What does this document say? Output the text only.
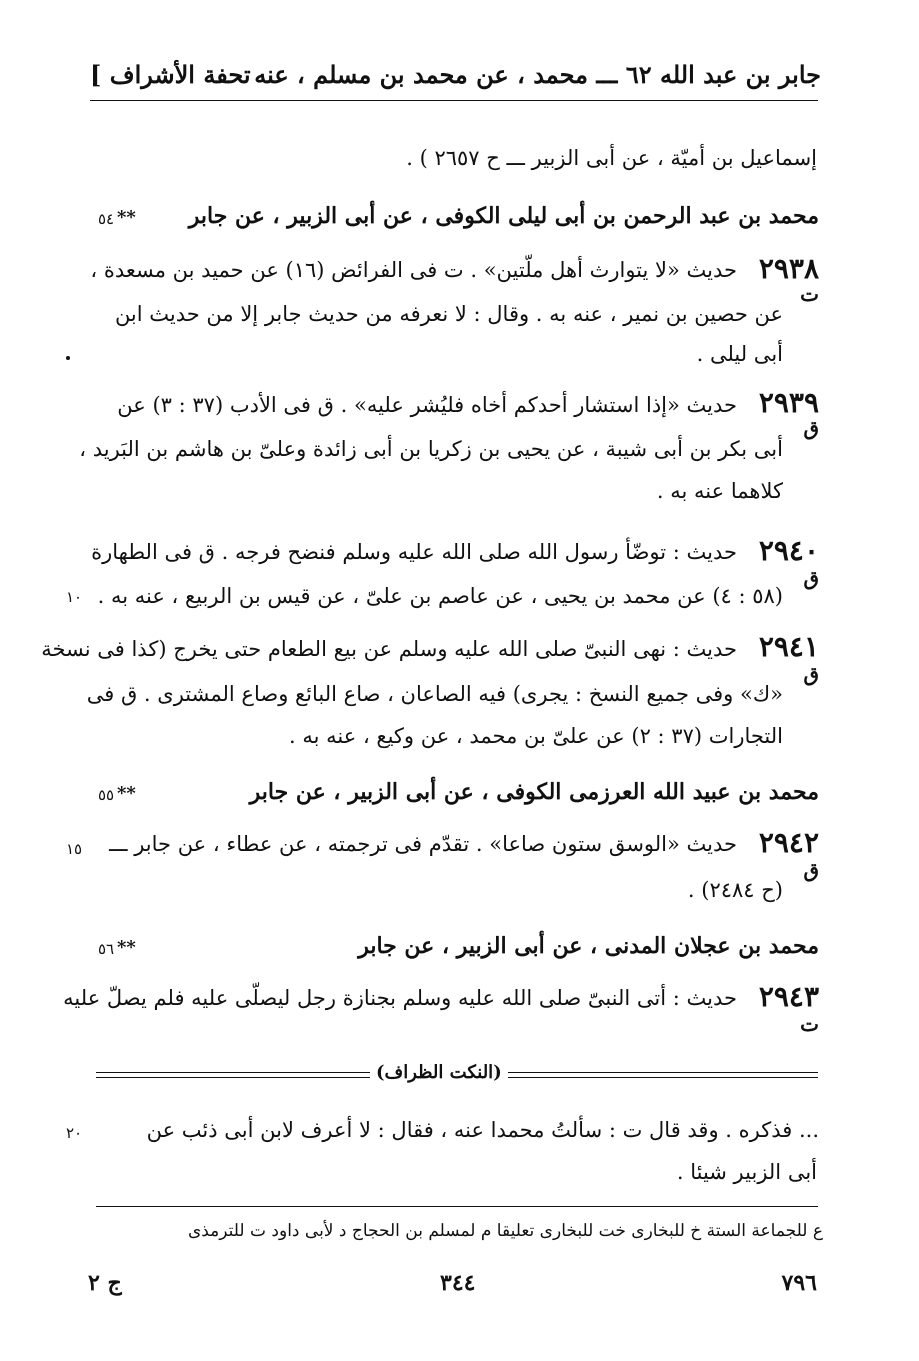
جابر بن عبد الله ٦٢ ـــ محمد ، عن محمد بن مسلم ، عنه
[ تحفة الأشراف
إسماعيل بن أميّة ، عن أبى الزبير ـــ ح ٢٦٥٧ ) .
٥٤ ** محمد بن عبد الرحمن بن أبى ليلى الكوفى ، عن أبى الزبير ، عن جابر
٢٩٣٨
ت
حديث «لا يتوارث أهل ملّتين» . ت فى الفرائض (١٦) عن حميد بن مسعدة ،
عن حصين بن نمير ، عنه به . وقال : لا نعرفه من حديث جابر إلا من حديث ابن
أبى ليلى .
٢٩٣٩
ق
حديث «إذا استشار أحدكم أخاه فليُشر عليه» . ق فى الأدب (٣٧ : ٣) عن
أبى بكر بن أبى شيبة ، عن يحيى بن زكريا بن أبى زائدة وعلىّ بن هاشم بن البَريد ،
كلاهما عنه به .
٢٩٤٠
ق
حديث : توضّأ رسول الله صلى الله عليه وسلم فنضح فرجه . ق فى الطهارة
(٥٨ : ٤) عن محمد بن يحيى ، عن عاصم بن علىّ ، عن قيس بن الربيع ، عنه به .
١٠
٢٩٤١
ق
حديث : نهى النبىّ صلى الله عليه وسلم عن بيع الطعام حتى يخرج (كذا فى نسخة
«ك» وفى جميع النسخ : يجرى) فيه الصاعان ، صاع البائع وصاع المشترى . ق فى
التجارات (٣٧ : ٢) عن علىّ بن محمد ، عن وكيع ، عنه به .
٥٥ **	محمد بن عبيد الله العرزمى الكوفى ، عن أبى الزبير ، عن جابر
٢٩٤٢
ق
حديث «الوسق ستون صاعا» . تقدّم فى ترجمته ، عن عطاء ، عن جابر ـــ
(ح ٢٤٨٤) .
١٥
٥٦ **	محمد بن عجلان المدنى ، عن أبى الزبير ، عن جابر
٢٩٤٣
ت
حديث : أتى النبىّ صلى الله عليه وسلم بجنازة رجل ليصلّى عليه فلم يصلّ عليه
(النكت الظراف)
... فذكره . وقد قال ت : سألتُ محمدا عنه ، فقال : لا أعرف لابن أبى ذئب عن
٢٠
أبى الزبير شيئا .
ع للجماعة الستة خ للبخارى خت للبخارى تعليقا م لمسلم بن الحجاج د لأبى داود ت للترمذى
٧٩٦
٣٤٤
ج ٢
